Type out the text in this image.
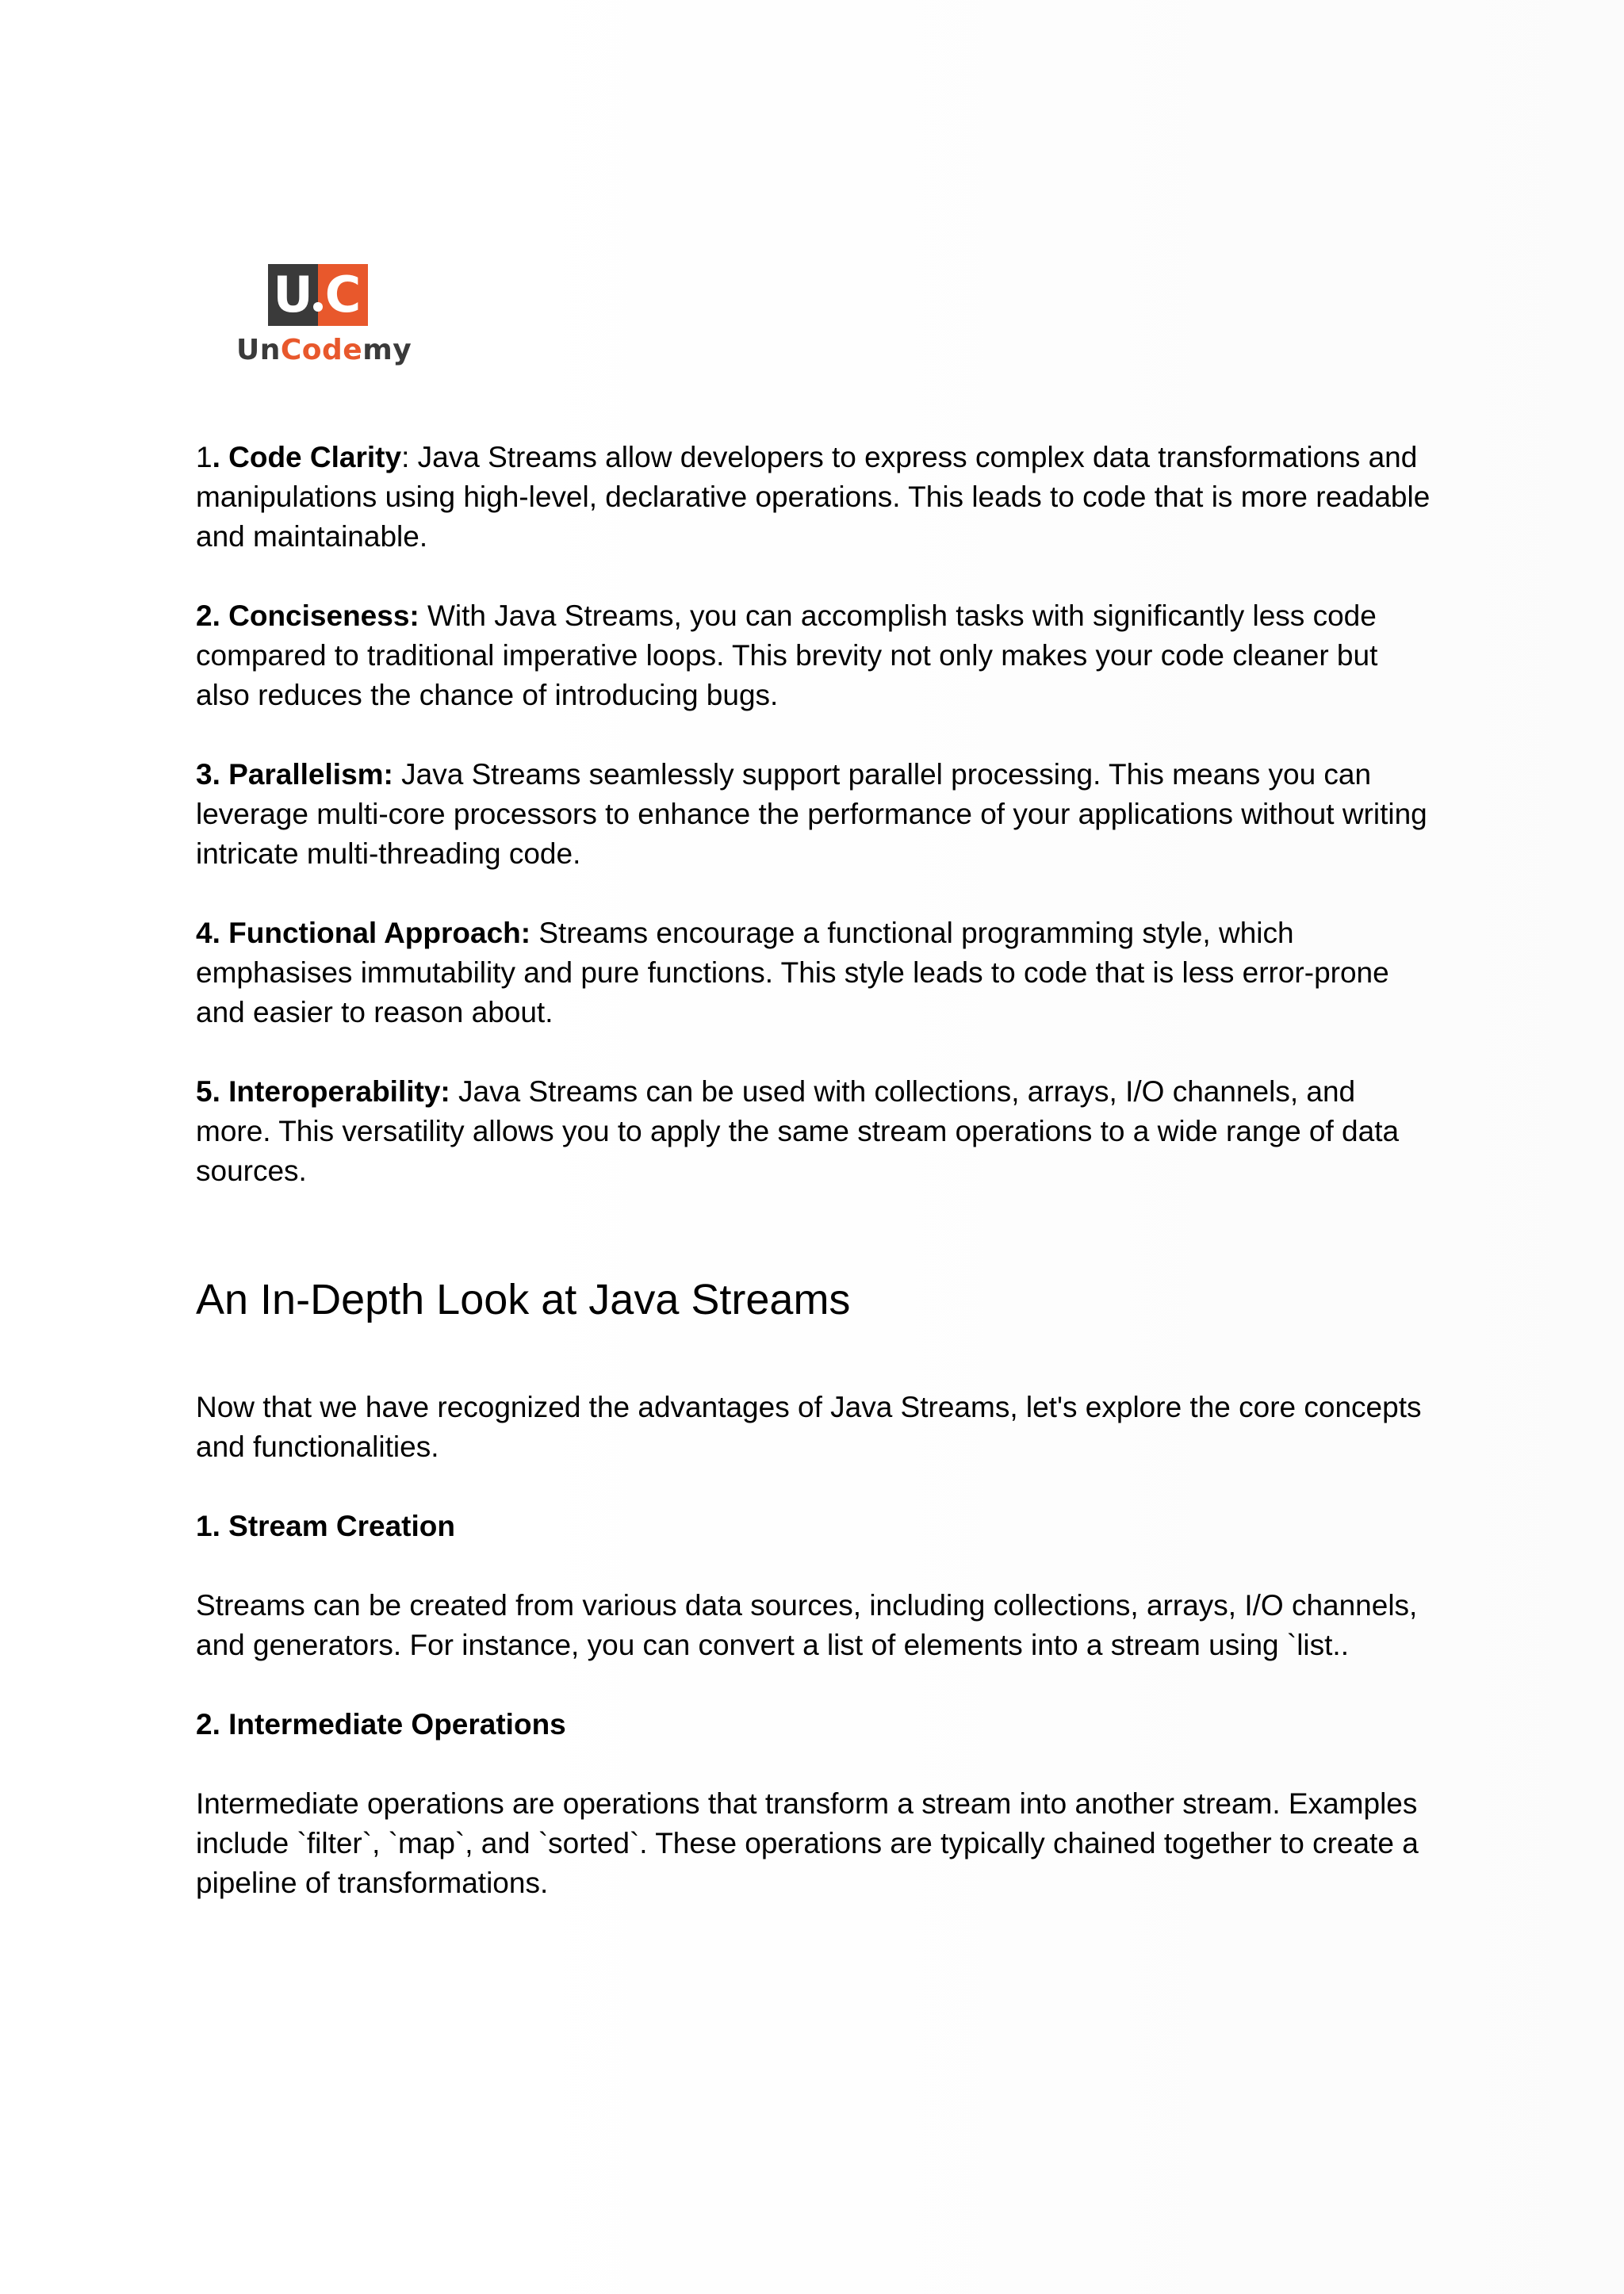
U C
UnCodemy

1. Code Clarity: Java Streams allow developers to express complex data transformations and manipulations using high-level, declarative operations. This leads to code that is more readable and maintainable.

2. Conciseness: With Java Streams, you can accomplish tasks with significantly less code compared to traditional imperative loops. This brevity not only makes your code cleaner but also reduces the chance of introducing bugs.

3. Parallelism: Java Streams seamlessly support parallel processing. This means you can leverage multi-core processors to enhance the performance of your applications without writing intricate multi-threading code.

4. Functional Approach: Streams encourage a functional programming style, which emphasises immutability and pure functions. This style leads to code that is less error-prone and easier to reason about.

5. Interoperability: Java Streams can be used with collections, arrays, I/O channels, and more. This versatility allows you to apply the same stream operations to a wide range of data sources.

An In-Depth Look at Java Streams

Now that we have recognized the advantages of Java Streams, let's explore the core concepts and functionalities.

1. Stream Creation

Streams can be created from various data sources, including collections, arrays, I/O channels, and generators. For instance, you can convert a list of elements into a stream using `list..

2. Intermediate Operations

Intermediate operations are operations that transform a stream into another stream. Examples include `filter`, `map`, and `sorted`. These operations are typically chained together to create a pipeline of transformations.
